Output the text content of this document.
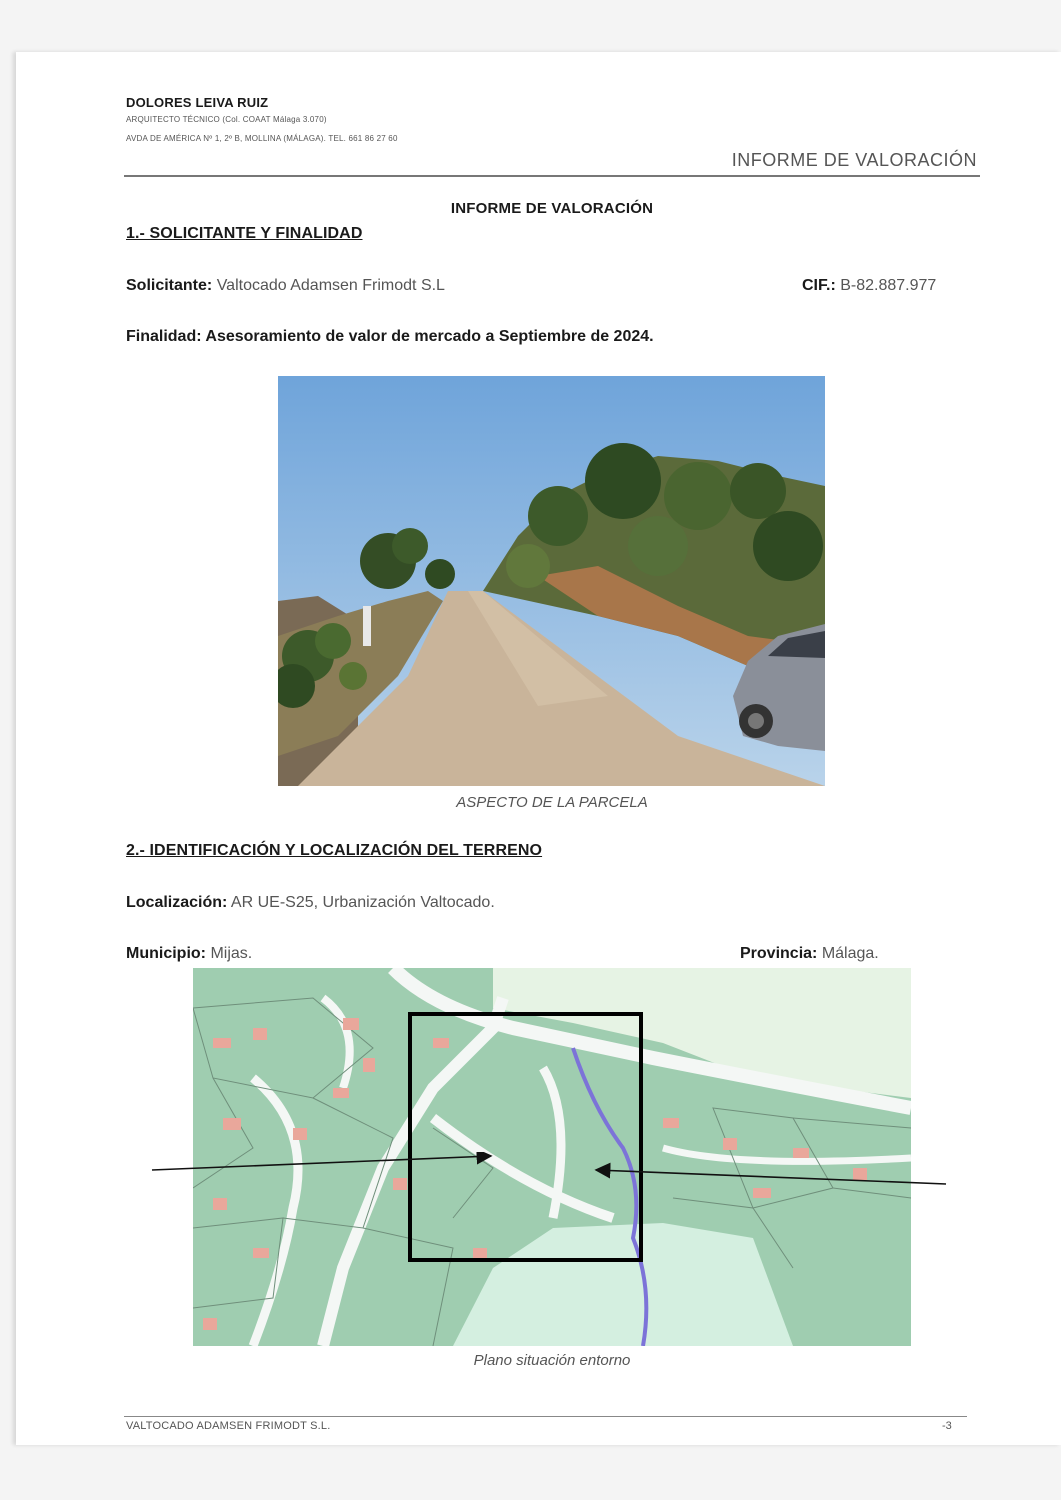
DOLORES LEIVA RUIZ
ARQUITECTO TÉCNICO (Col. COAAT Málaga 3.070)
AVDA DE AMÉRICA Nº 1, 2º B, MOLLINA (MÁLAGA). TEL. 661 86 27 60
INFORME DE VALORACIÓN
INFORME DE VALORACIÓN
1.- SOLICITANTE Y FINALIDAD
Solicitante: Valtocado Adamsen Frimodt S.L	CIF.: B-82.887.977
Finalidad: Asesoramiento de valor de mercado a Septiembre de 2024.
ASPECTO DE LA PARCELA
2.- IDENTIFICACIÓN Y LOCALIZACIÓN DEL TERRENO
Localización: AR UE-S25, Urbanización Valtocado.
Municipio: Mijas.	Provincia: Málaga.
Plano situación entorno
VALTOCADO ADAMSEN FRIMODT S.L.	-3
